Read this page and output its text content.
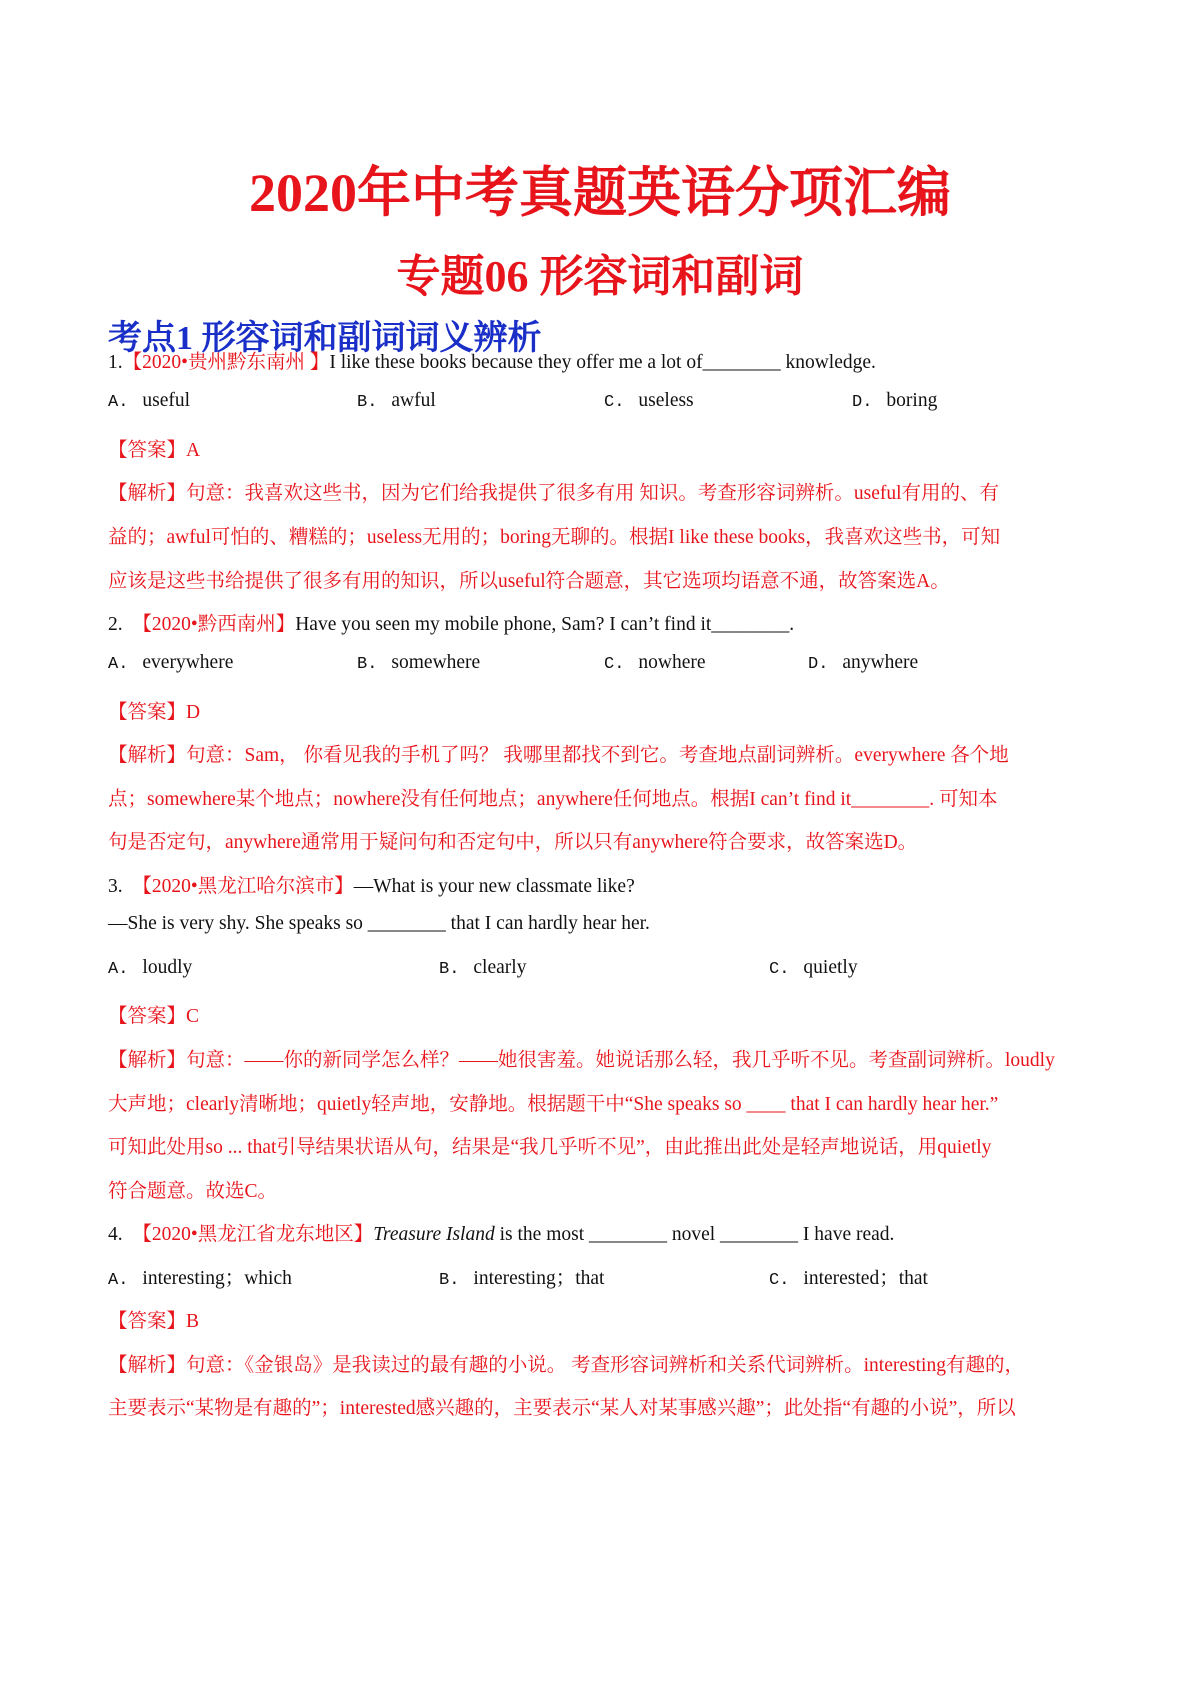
2020年中考真题英语分项汇编
专题06 形容词和副词
考点1 形容词和副词词义辨析
1.【2020•贵州黔东南州 】I like these books because they offer me a lot of________ knowledge.
A. useful	B. awful	C. useless	D. boring
【答案】A
【解析】句意：我喜欢这些书，因为它们给我提供了很多有用 知识。考查形容词辨析。useful有用的、有
益的；awful可怕的、糟糕的；useless无用的；boring无聊的。根据I like these books，我喜欢这些书，可知
应该是这些书给提供了很多有用的知识，所以useful符合题意，其它选项均语意不通，故答案选A。
2. 【2020•黔西南州】Have you seen my mobile phone, Sam? I can’t find it________.
A. everywhere	B. somewhere	C. nowhere	D. anywhere
【答案】D
【解析】句意：Sam， 你看见我的手机了吗？ 我哪里都找不到它。考查地点副词辨析。everywhere 各个地
点；somewhere某个地点；nowhere没有任何地点；anywhere任何地点。根据I can’t find it________. 可知本
句是否定句，anywhere通常用于疑问句和否定句中，所以只有anywhere符合要求，故答案选D。
3. 【2020•黑龙江哈尔滨市】—What is your new classmate like?
—She is very shy. She speaks so ________ that I can hardly hear her.
A. loudly	B. clearly	C. quietly
【答案】C
【解析】句意：——你的新同学怎么样？——她很害羞。她说话那么轻，我几乎听不见。考查副词辨析。loudly
大声地；clearly清晰地；quietly轻声地，安静地。根据题干中“She speaks so ____ that I can hardly hear her.”
可知此处用so ... that引导结果状语从句，结果是“我几乎听不见”，由此推出此处是轻声地说话，用quietly
符合题意。故选C。
4. 【2020•黑龙江省龙东地区】Treasure Island is the most ________ novel ________ I have read.
A. interesting；which	B. interesting；that	C. interested；that
【答案】B
【解析】句意：《金银岛》是我读过的最有趣的小说。 考查形容词辨析和关系代词辨析。interesting有趣的，
主要表示“某物是有趣的”；interested感兴趣的，主要表示“某人对某事感兴趣”；此处指“有趣的小说”，所以
